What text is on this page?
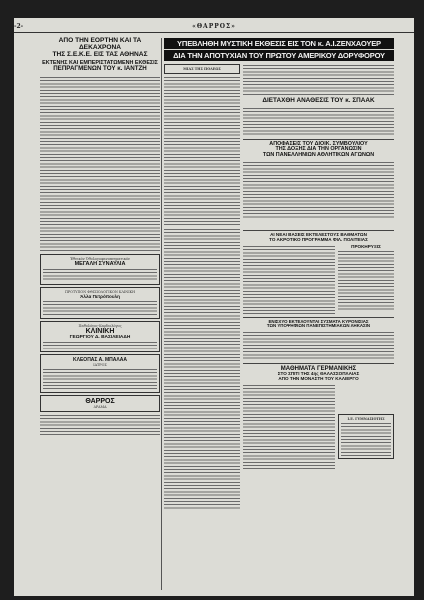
-2-	«ΘΑΡΡΟΣ»
ΑΠΟ ΤΗΝ ΕΟΡΤΗΝ ΚΑΙ ΤΑ ΔΕΚΑΧΡΟΝΑ
ΤΗΣ Σ.Ε.Κ.Ε. ΕΙΣ ΤΑΣ ΑΘΗΝΑΣ
ΕΚΤΕΝΗΣ ΚΑΙ ΕΜΠΕΡΙΣΤΑΤΩΜΕΝΗ ΕΚΘΕΣΙΣ
ΠΕΠΡΑΓΜΕΝΩΝ ΤΟΥ κ. ΙΑΝΤΖΗ
Έθνικόν Όθολογοφανοπνηματικόν
ΜΕΓΑΛΗ ΣΥΝΑΥΛΙΑ
ΠΡΟΤΥΠΟΝ ΦΘΙΣΙΟΛΟΓΙΚΟΝ ΚΛΙΝΙΚΗ
Άλλα Πετρόπουλη
Παθολόγος-Καρδιολόγος
ΚΛΙΝΙΚΗ
ΓΕΩΡΓΙΟΥ Δ. ΒΑΣΙΛΕΙΑΔΗ
ΚΛΕΟΠΑΣ Α. ΜΠΑΛΑΑ
ΙΑΤΡΟΣ
ΘΑΡΡΟΣ
ΔΡΑΜΑ
ΥΠΕΒΛΗΘΗ ΜΥΣΤΙΚΗ ΕΚΘΕΣΙΣ ΕΙΣ ΤΟΝ κ. Α.Ι.ΖΕΝΧΑΟΥΕΡ
ΔΙΑ ΤΗΝ ΑΠΟΤΥΧΙΑΝ ΤΟΥ ΠΡΩΤΟΥ ΑΜΕΡΙΚΟΥ ΔΟΡΥΦΟΡΟΥ
ΜΙΑΣ ΤΗΣ ΠΟΛΕΩΣ
ΔΙΕΤΑΧΘΗ ΑΝΑΘΕΣΙΣ ΤΟΥ κ. ΣΠΑΑΚ
ΑΠΟΦΑΣΕΙΣ ΤΟΥ ΔΙΟΙΚ. ΣΥΜΒΟΥΛΙΟΥ
ΤΗΣ ΔΟΞΗΣ ΔΙΑ ΤΗΝ ΟΡΓΑΝΩΣΙΝ
ΤΩΝ ΠΑΝΕΛΛΗΝΙΩΝ ΑΘΛΗΤΙΚΩΝ ΑΓΩΝΩΝ
ΑΙ ΝΕΑΙ ΒΑΣΕΙΣ ΕΚΤΕΛΕΣΤΟΥΣ ΒΑΘΜΑΤΩΝ
ΤΟ ΑΚΡΟΤΙΚΟ ΠΡΟΓΡΑΜΜΑ ΦΙΛ. ΠΟΛΙΤΕΙΑΣ
ΠΡΟΚΗΡΥΞΙΣ
ΕΝΙΣΧΥΟ ΕΚΤΕΛΟΥΝΤΑΙ ΣΥΣΜΑΤΑ ΚΥΡΟΝΙΣΙΑΣ
ΤΩΝ ΥΠΟΨΗΦΙΩΝ ΠΑΝΕΠΙΣΤΗΜΙΑΚΩΝ ΛΗΚΑΣΙΝ
ΜΑΘΗΜΑΤΑ ΓΕΡΜΑΝΙΚΗΣ
ΣΤΟ ΣΠΙΤΙ ΤΗΣ 4ης ΘΑΛΑΣΣΟΠΛΑΙΑΣ
ΑΠΟ ΤΗΝ ΜΟΝΑΣΤΗ ΤΟΥ ΚΑΛΙΕΡΓΟ
Ι.Ε. ΓΥΜΝΑΣΙΟΤΗΣ
